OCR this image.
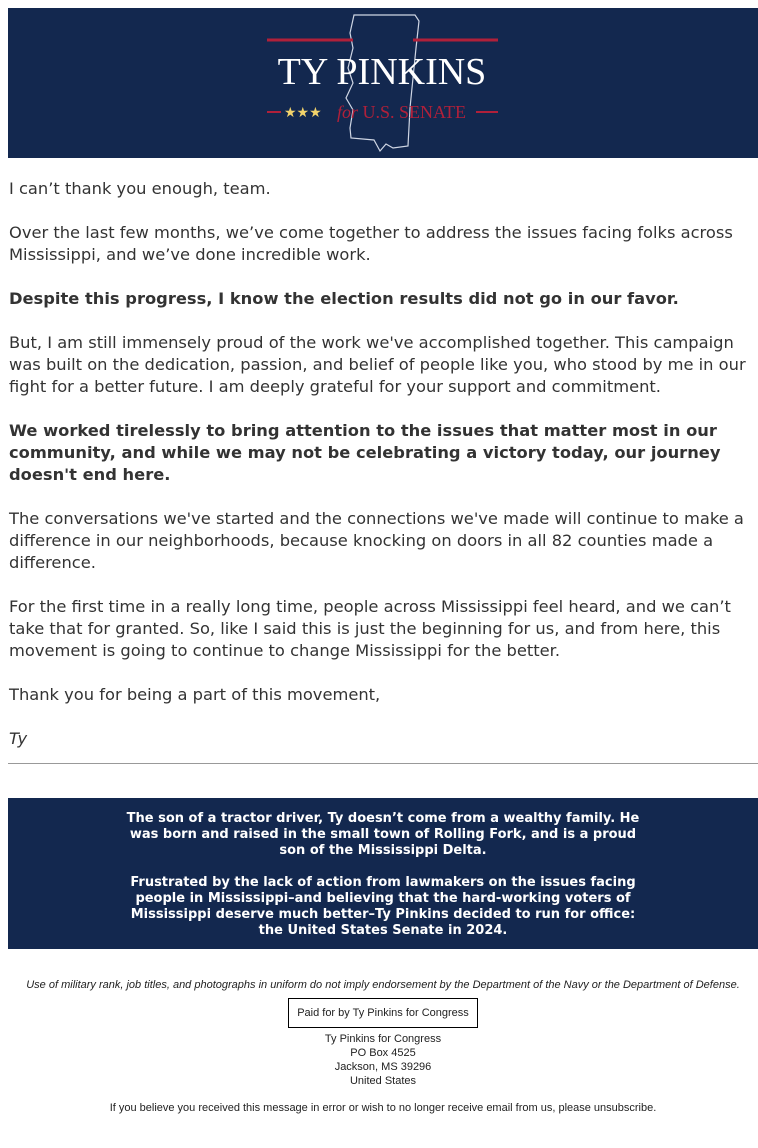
TY PINKINS
★★★ for U.S. SENATE

I can’t thank you enough, team.

Over the last few months, we’ve come together to address the issues facing folks across Mississippi, and we’ve done incredible work.

Despite this progress, I know the election results did not go in our favor.

But, I am still immensely proud of the work we've accomplished together. This campaign was built on the dedication, passion, and belief of people like you, who stood by me in our fight for a better future. I am deeply grateful for your support and commitment.

We worked tirelessly to bring attention to the issues that matter most in our community, and while we may not be celebrating a victory today, our journey doesn't end here.

The conversations we've started and the connections we've made will continue to make a difference in our neighborhoods, because knocking on doors in all 82 counties made a difference.

For the first time in a really long time, people across Mississippi feel heard, and we can’t take that for granted. So, like I said this is just the beginning for us, and from here, this movement is going to continue to change Mississippi for the better.

Thank you for being a part of this movement,

Ty

The son of a tractor driver, Ty doesn’t come from a wealthy family. He was born and raised in the small town of Rolling Fork, and is a proud son of the Mississippi Delta.

Frustrated by the lack of action from lawmakers on the issues facing people in Mississippi–and believing that the hard-working voters of Mississippi deserve much better–Ty Pinkins decided to run for office: the United States Senate in 2024.

Use of military rank, job titles, and photographs in uniform do not imply endorsement by the Department of the Navy or the Department of Defense.
Paid for by Ty Pinkins for Congress
Ty Pinkins for Congress
PO Box 4525
Jackson, MS 39296
United States
If you believe you received this message in error or wish to no longer receive email from us, please unsubscribe.
